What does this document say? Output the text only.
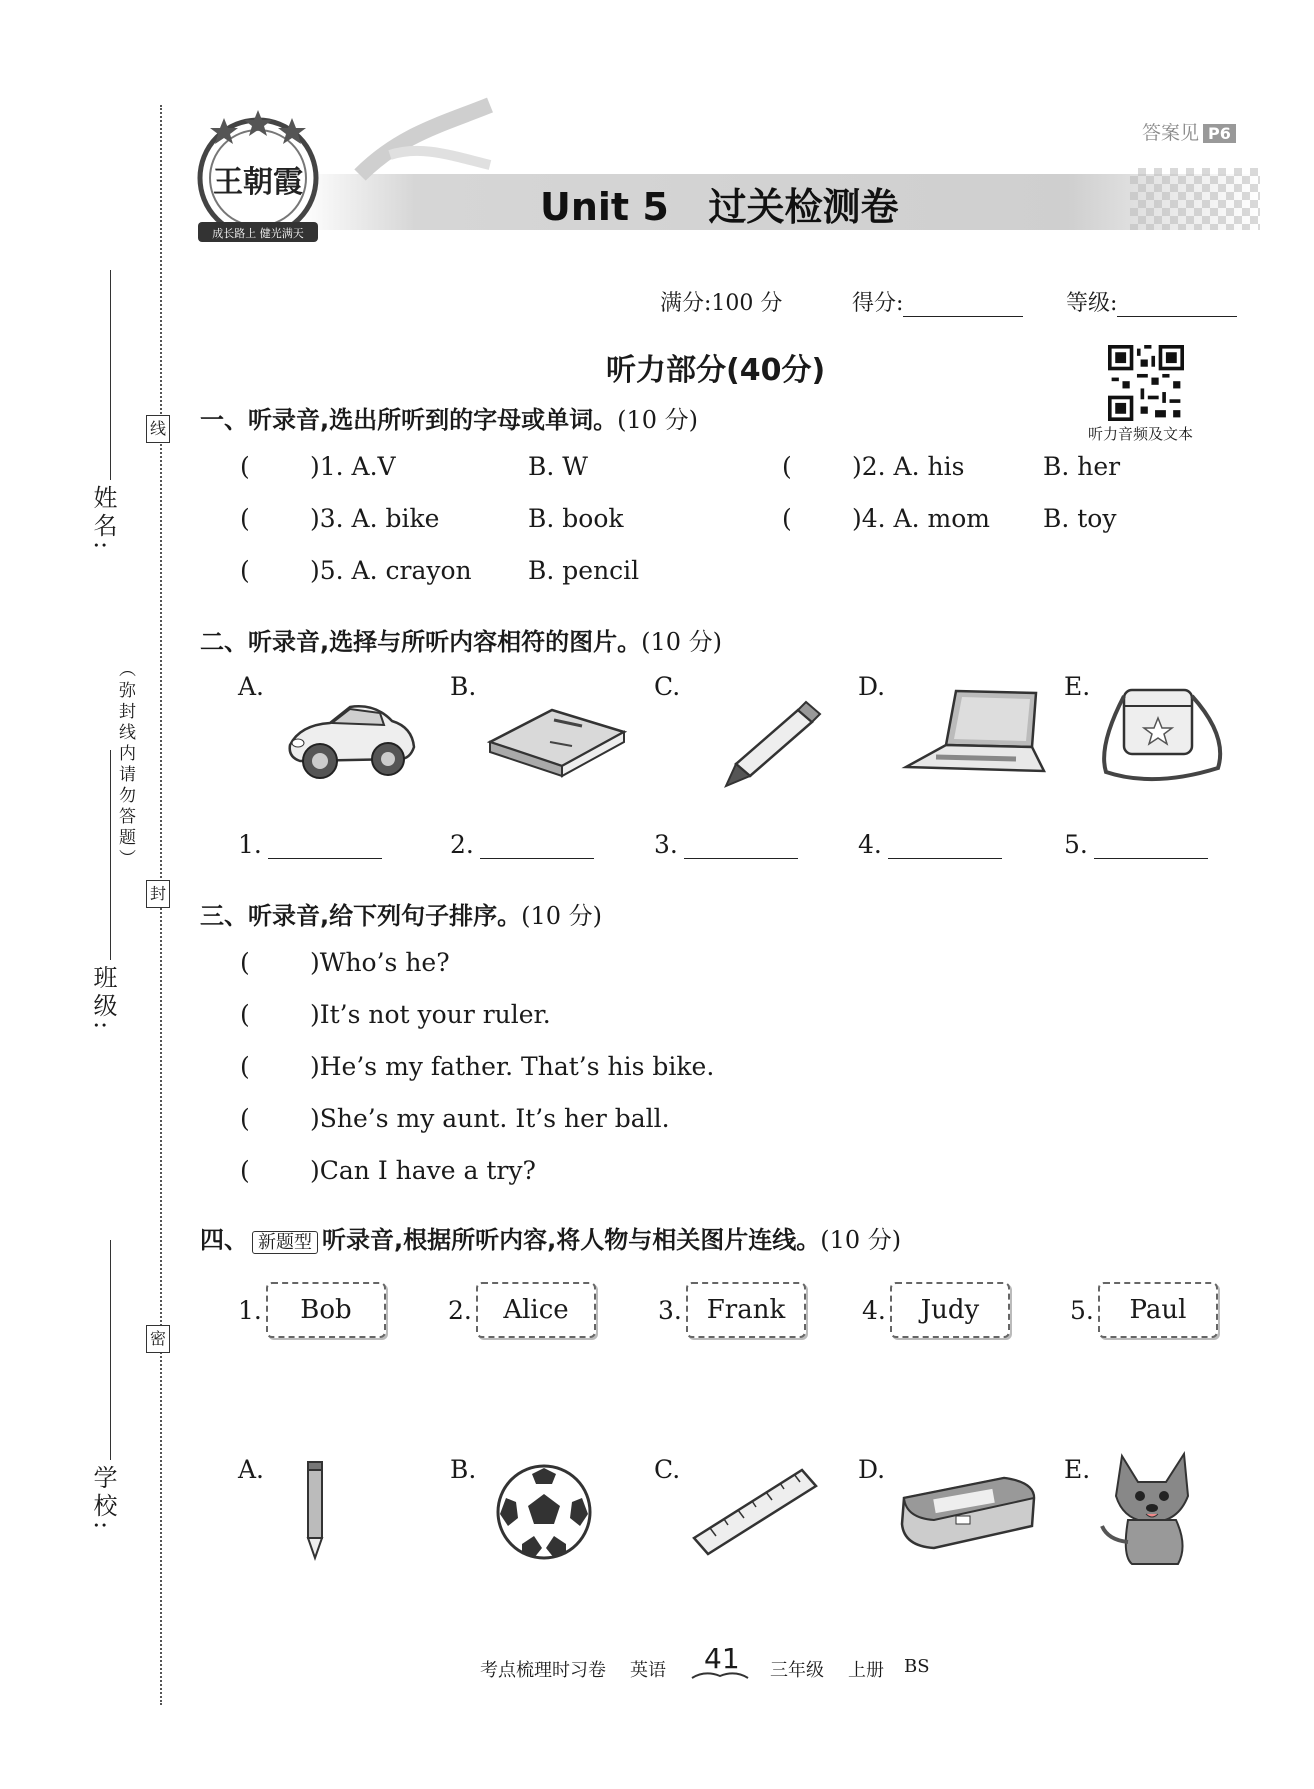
线
封
密
（弥封线内请勿答题）
姓名:
班级:
学校:
王朝霞
成长路上 健光满天
Unit 5   过关检测卷
答案见 P6
满分:100 分	得分:	等级:
听力部分(40分)
听力音频及文本
一、听录音,选出所听到的字母或单词。(10 分)
( )1. A.V	B. W	( )2. A. his	B. her
( )3. A. bike	B. book	( )4. A. mom B. toy
( )5. A. crayon B. pencil
二、听录音,选择与所听内容相符的图片。(10 分)
A.	B.	C.	D.	E.
1.	2.	3.	4.	5.
三、听录音,给下列句子排序。(10 分)
( )Who’s he?
( )It’s not your ruler.
( )He’s my father. That’s his bike.
( )She’s my aunt. It’s her ball.
( )Can I have a try?
四、 新题型 听录音,根据所听内容,将人物与相关图片连线。(10 分)
1.	Bob	2.	Alice	3. Frank	4.	Judy	5.	Paul
A.	B.	C.	D.	E.
考点梳理时习卷 英语 41 三年级 上册 BS
